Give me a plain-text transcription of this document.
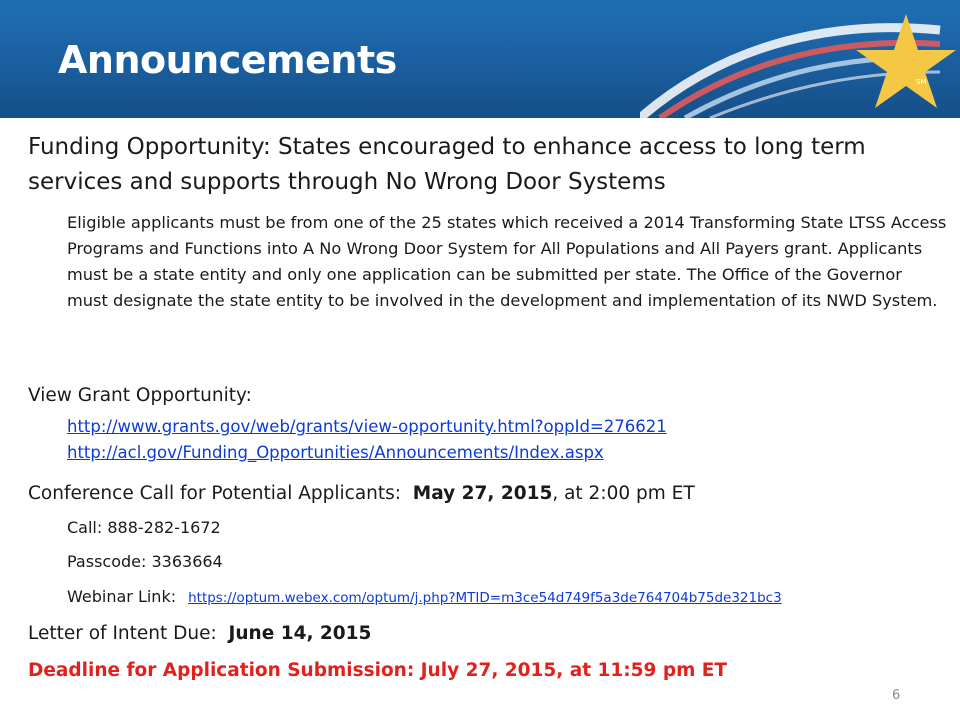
Announcements	SM
Funding Opportunity: States encouraged to enhance access to long term services and supports through No Wrong Door Systems
Eligible applicants must be from one of the 25 states which received a 2014 Transforming State LTSS Access Programs and Functions into A No Wrong Door System for All Populations and All Payers grant. Applicants must be a state entity and only one application can be submitted per state. The Office of the Governor must designate the state entity to be involved in the development and implementation of its NWD System.
View Grant Opportunity:
http://www.grants.gov/web/grants/view-opportunity.html?oppId=276621
http://acl.gov/Funding_Opportunities/Announcements/Index.aspx
Conference Call for Potential Applicants:  May 27, 2015, at 2:00 pm ET
Call: 888-282-1672
Passcode: 3363664
Webinar Link: https://optum.webex.com/optum/j.php?MTID=m3ce54d749f5a3de764704b75de321bc3
Letter of Intent Due:  June 14, 2015
Deadline for Application Submission: July 27, 2015, at 11:59 pm ET
6
